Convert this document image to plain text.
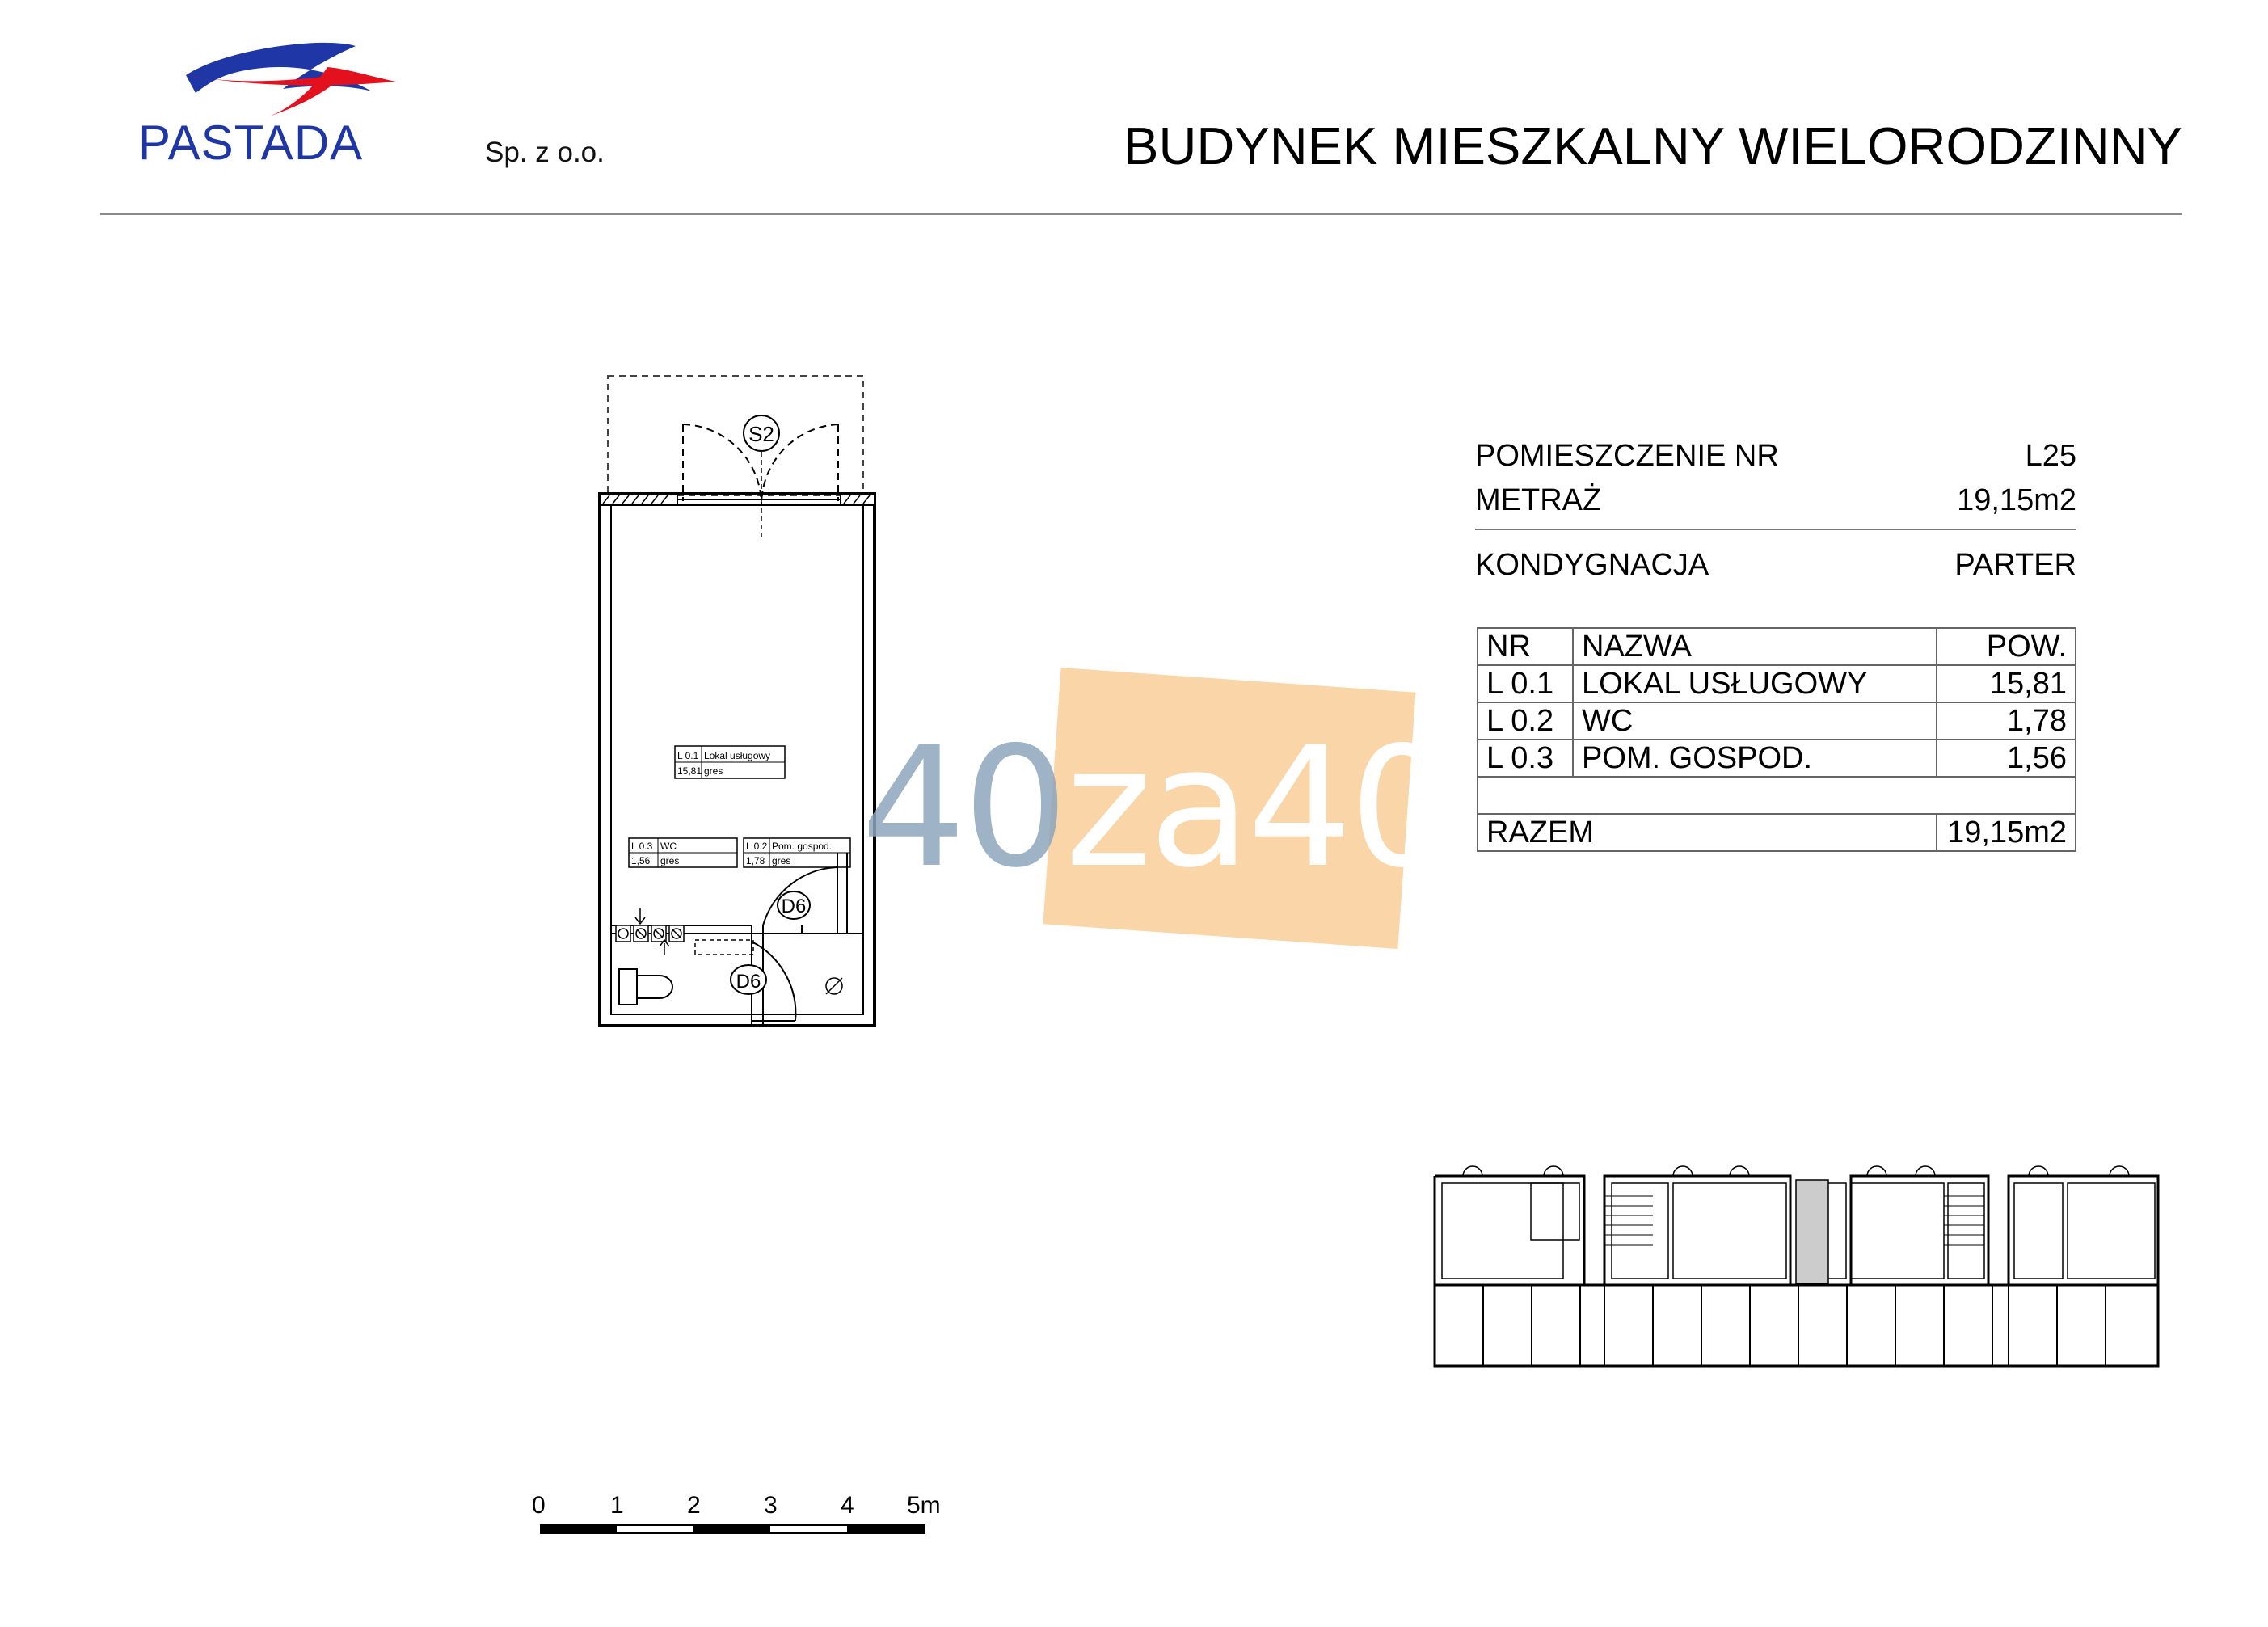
PASTADA	Sp. z o.o.	BUDYNEK MIESZKALNY WIELORODZINNY
S2
L 0.1 Lokal usługowy
15,81 gres
L 0.3 WC
1,56 gres
L 0.2 Pom. gospod.
1,78 gres
D6
D6
40za40
POMIESZCZENIE NR	L25
METRAŻ	19,15m2
KONDYGNACJA	PARTER
NR	NAZWA	POW.
L 0.1	LOKAL USŁUGOWY	15,81
L 0.2	WC	1,78
L 0.3	POM. GOSPOD.	1,56

RAZEM		19,15m2
0	1	2	3	4 5m
